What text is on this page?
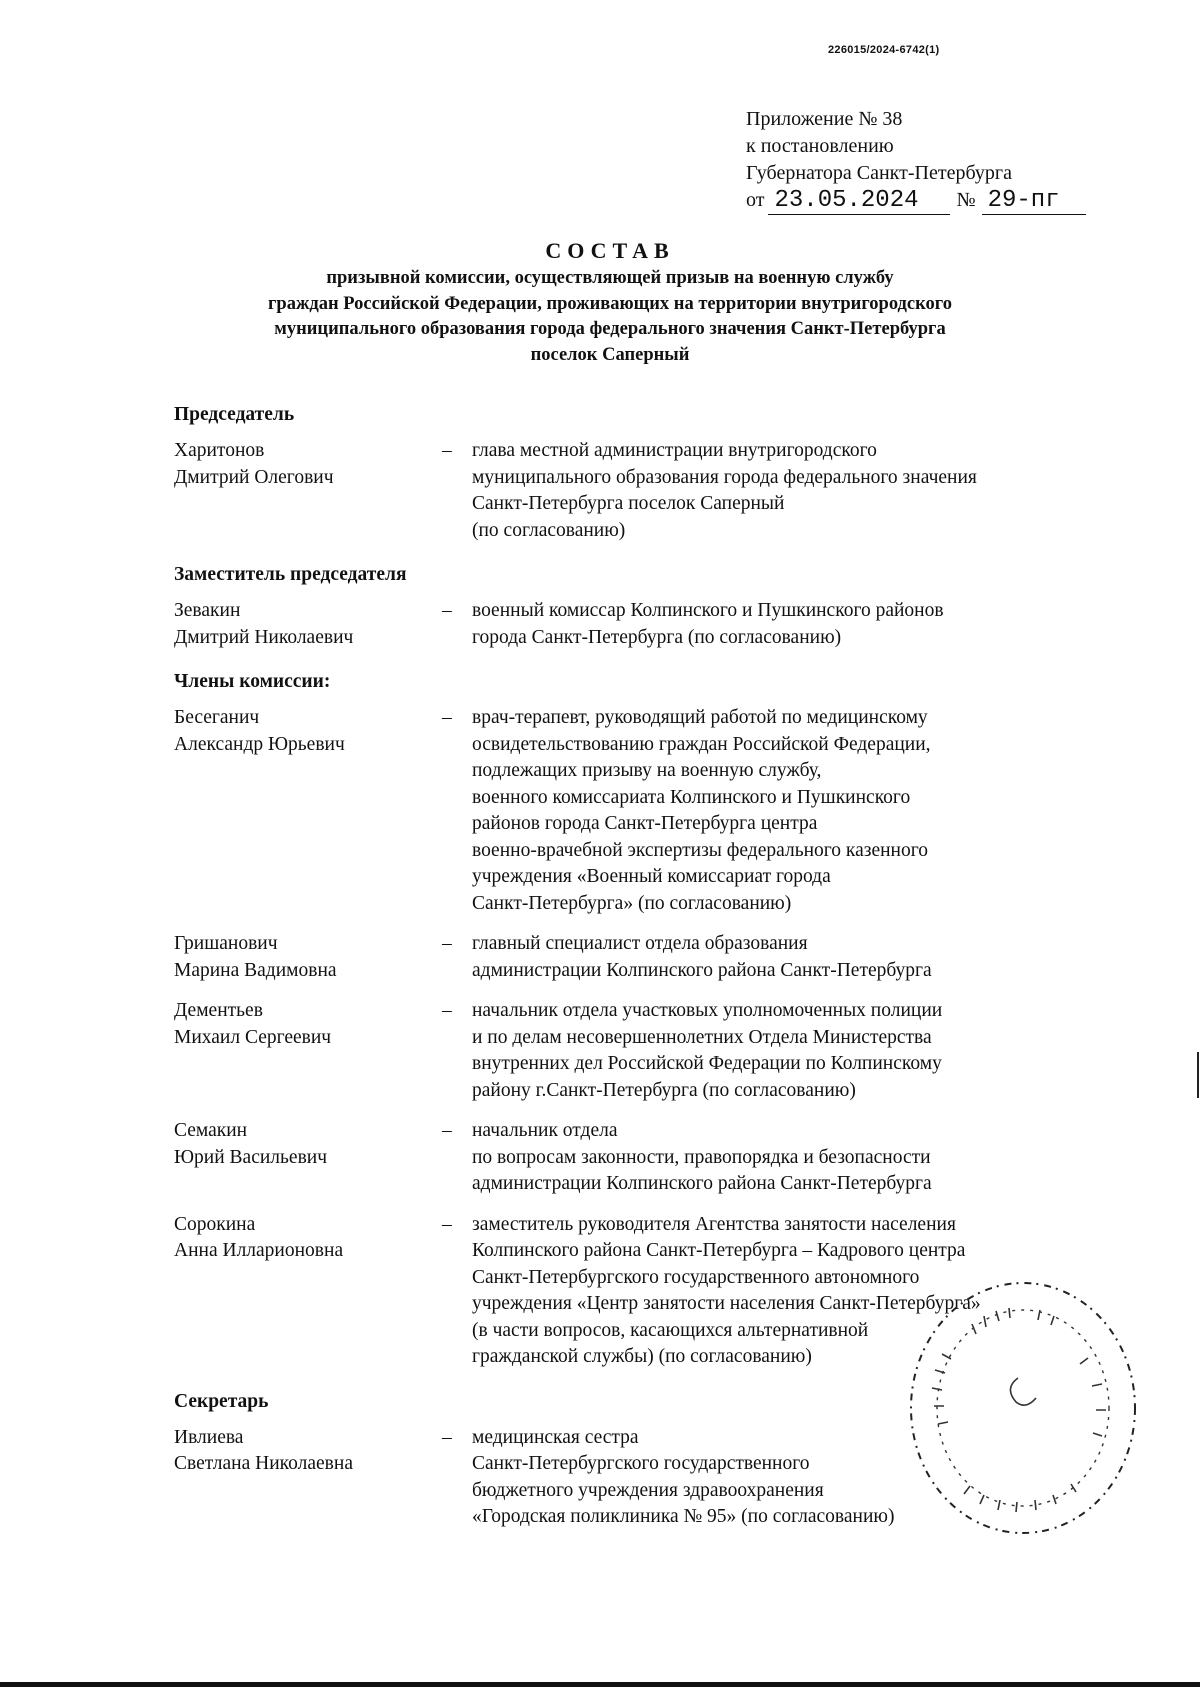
226015/2024-6742(1)
Приложение № 38
к постановлению
Губернатора Санкт-Петербурга
от 23.05.2024	№ 29-пг
СОСТАВ
призывной комиссии, осуществляющей призыв на военную службу
граждан Российской Федерации, проживающих на территории внутригородского
муниципального образования города федерального значения Санкт-Петербурга
поселок Саперный
Председатель
Харитонов
Дмитрий Олегович
–	глава местной администрации внутригородского
муниципального образования города федерального значения
Санкт-Петербурга поселок Саперный
(по согласованию)
Заместитель председателя
Зевакин
Дмитрий Николаевич
–	военный комиссар Колпинского и Пушкинского районов
города Санкт-Петербурга (по согласованию)
Члены комиссии:
Бесеганич
Александр Юрьевич
–	врач-терапевт, руководящий работой по медицинскому
освидетельствованию граждан Российской Федерации,
подлежащих призыву на военную службу,
военного комиссариата Колпинского и Пушкинского
районов города Санкт-Петербурга центра
военно-врачебной экспертизы федерального казенного
учреждения «Военный комиссариат города
Санкт-Петербурга» (по согласованию)
Гришанович
Марина Вадимовна
–	главный специалист отдела образования
администрации Колпинского района Санкт-Петербурга
Дементьев
Михаил Сергеевич
–	начальник отдела участковых уполномоченных полиции
и по делам несовершеннолетних Отдела Министерства
внутренних дел Российской Федерации по Колпинскому
району г.Санкт-Петербурга (по согласованию)
Семакин
Юрий Васильевич
–	начальник отдела
по вопросам законности, правопорядка и безопасности
администрации Колпинского района Санкт-Петербурга
Сорокина
Анна Илларионовна
–	заместитель руководителя Агентства занятости населения
Колпинского района Санкт-Петербурга – Кадрового центра
Санкт-Петербургского государственного автономного
учреждения «Центр занятости населения Санкт-Петербурга»
(в части вопросов, касающихся альтернативной
гражданской службы) (по согласованию)
Секретарь
Ивлиева
Светлана Николаевна
–	медицинская сестра
Санкт-Петербургского государственного
бюджетного учреждения здравоохранения
«Городская поликлиника № 95» (по согласованию)
